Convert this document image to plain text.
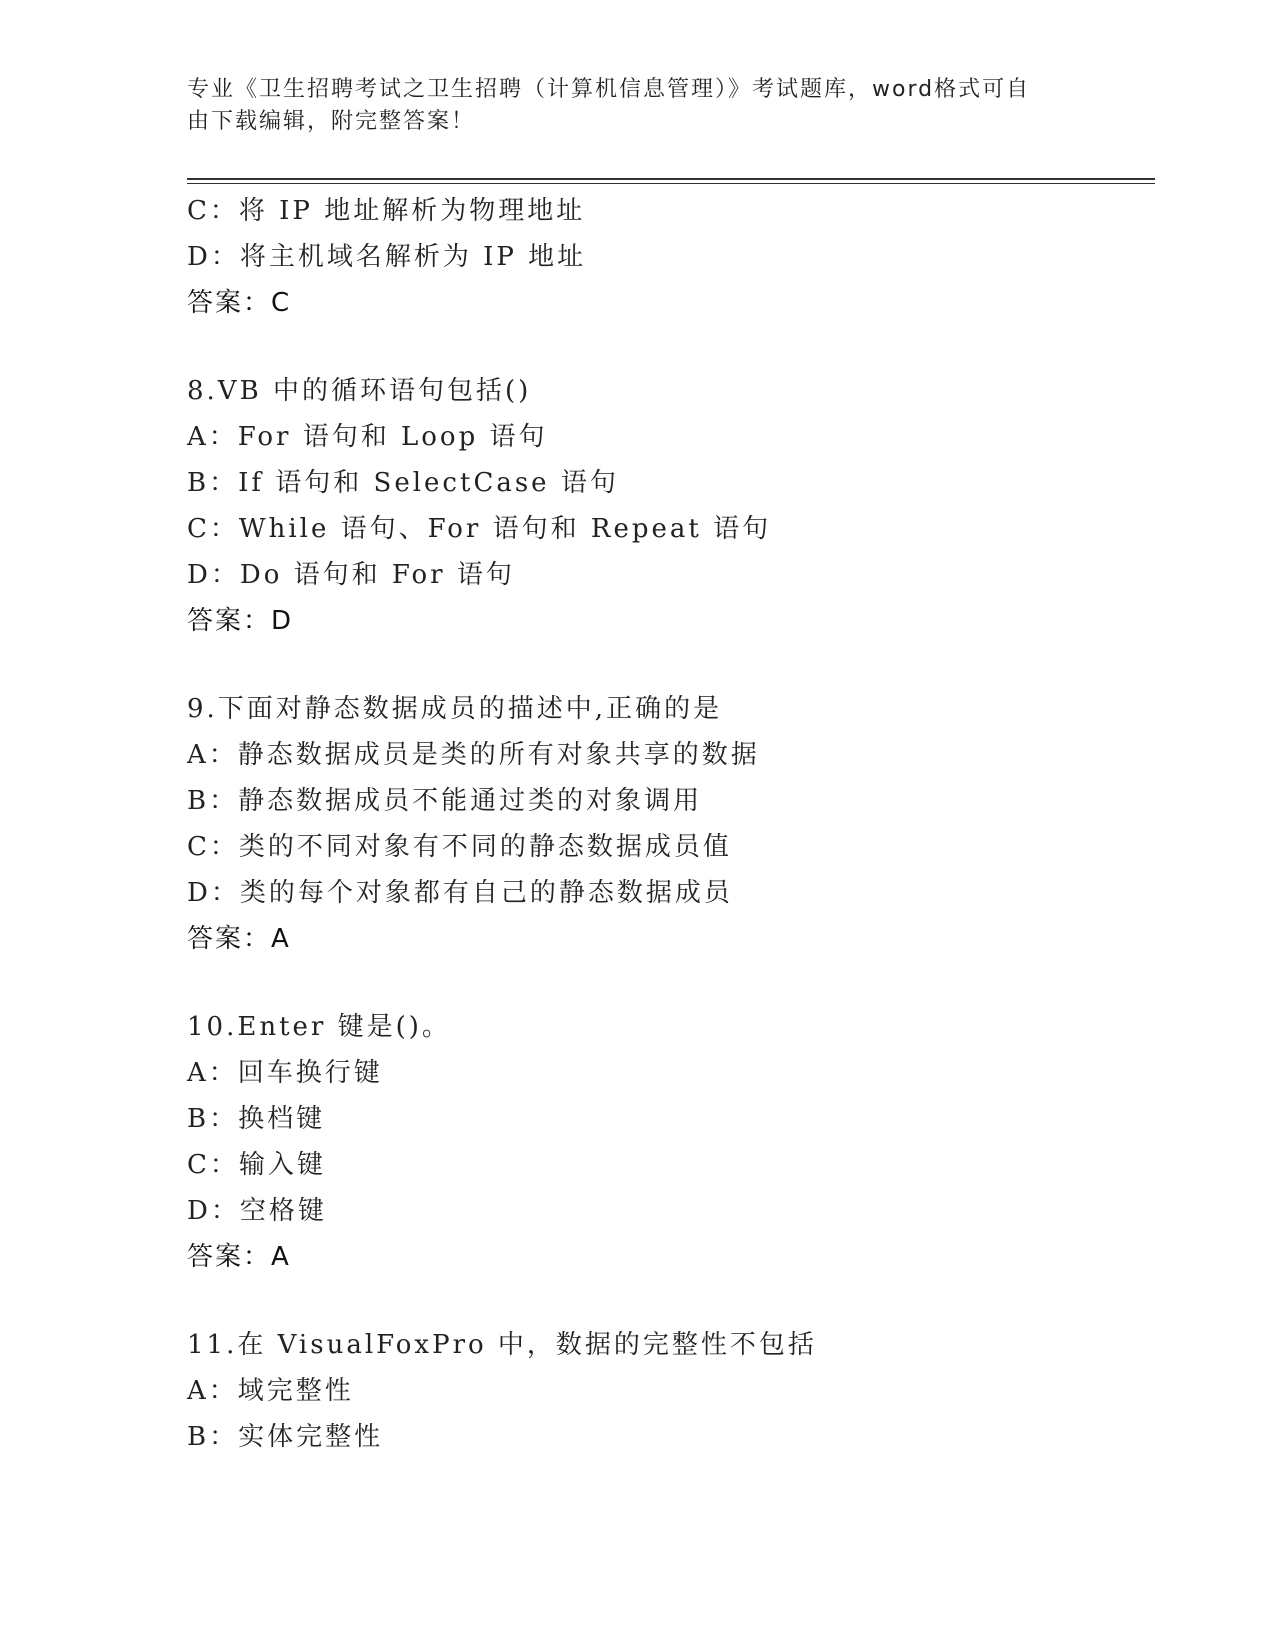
专业《卫生招聘考试之卫生招聘（计算机信息管理）》考试题库，word格式可自
由下载编辑，附完整答案！
C：将 IP 地址解析为物理地址
D：将主机域名解析为 IP 地址
答案：C
8.VB 中的循环语句包括()
A：For 语句和 Loop 语句
B：If 语句和 SelectCase 语句
C：While 语句、For 语句和 Repeat 语句
D：Do 语句和 For 语句
答案：D
9.下面对静态数据成员的描述中,正确的是
A：静态数据成员是类的所有对象共享的数据
B：静态数据成员不能通过类的对象调用
C：类的不同对象有不同的静态数据成员值
D：类的每个对象都有自己的静态数据成员
答案：A
10.Enter 键是()。
A：回车换行键
B：换档键
C：输入键
D：空格键
答案：A
11.在 VisualFoxPro 中，数据的完整性不包括
A：域完整性
B：实体完整性
